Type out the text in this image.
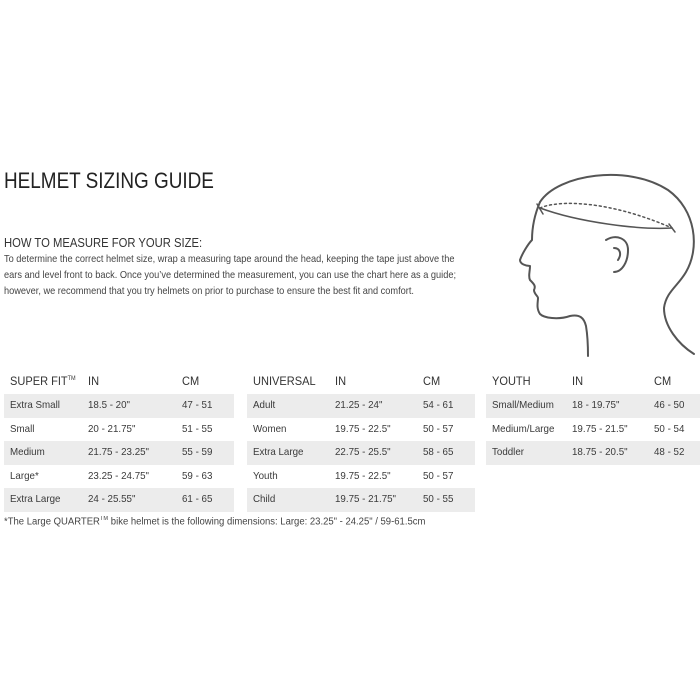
HELMET SIZING GUIDE
HOW TO MEASURE FOR YOUR SIZE:
To determine the correct helmet size, wrap a measuring tape around the head, keeping the tape just above the
ears and level front to back. Once you’ve determined the measurement, you can use the chart here as a guide;
however, we recommend that you try helmets on prior to purchase to ensure the best fit and comfort.
SUPER FIT™ IN	CM
Extra Small	18.5 - 20"	47 - 51
Small	20 - 21.75"	51 - 55
Medium	21.75 - 23.25"	55 - 59
Large*	23.25 - 24.75"	59 - 63
Extra Large	24 - 25.55"	61 - 65
UNIVERSAL IN	CM
Adult	21.25 - 24"	54 - 61
Women	19.75 - 22.5"	50 - 57
Extra Large	22.75 - 25.5"	58 - 65
Youth	19.75 - 22.5"	50 - 57
Child	19.75 - 21.75"	50 - 55
YOUTH	IN	CM
Small/Medium 18 - 19.75"	46 - 50
Medium/Large 19.75 - 21.5"	50 - 54
Toddler	18.75 - 20.5"	48 - 52
*The Large QUARTER™ bike helmet is the following dimensions: Large: 23.25" - 24.25" / 59-61.5cm
